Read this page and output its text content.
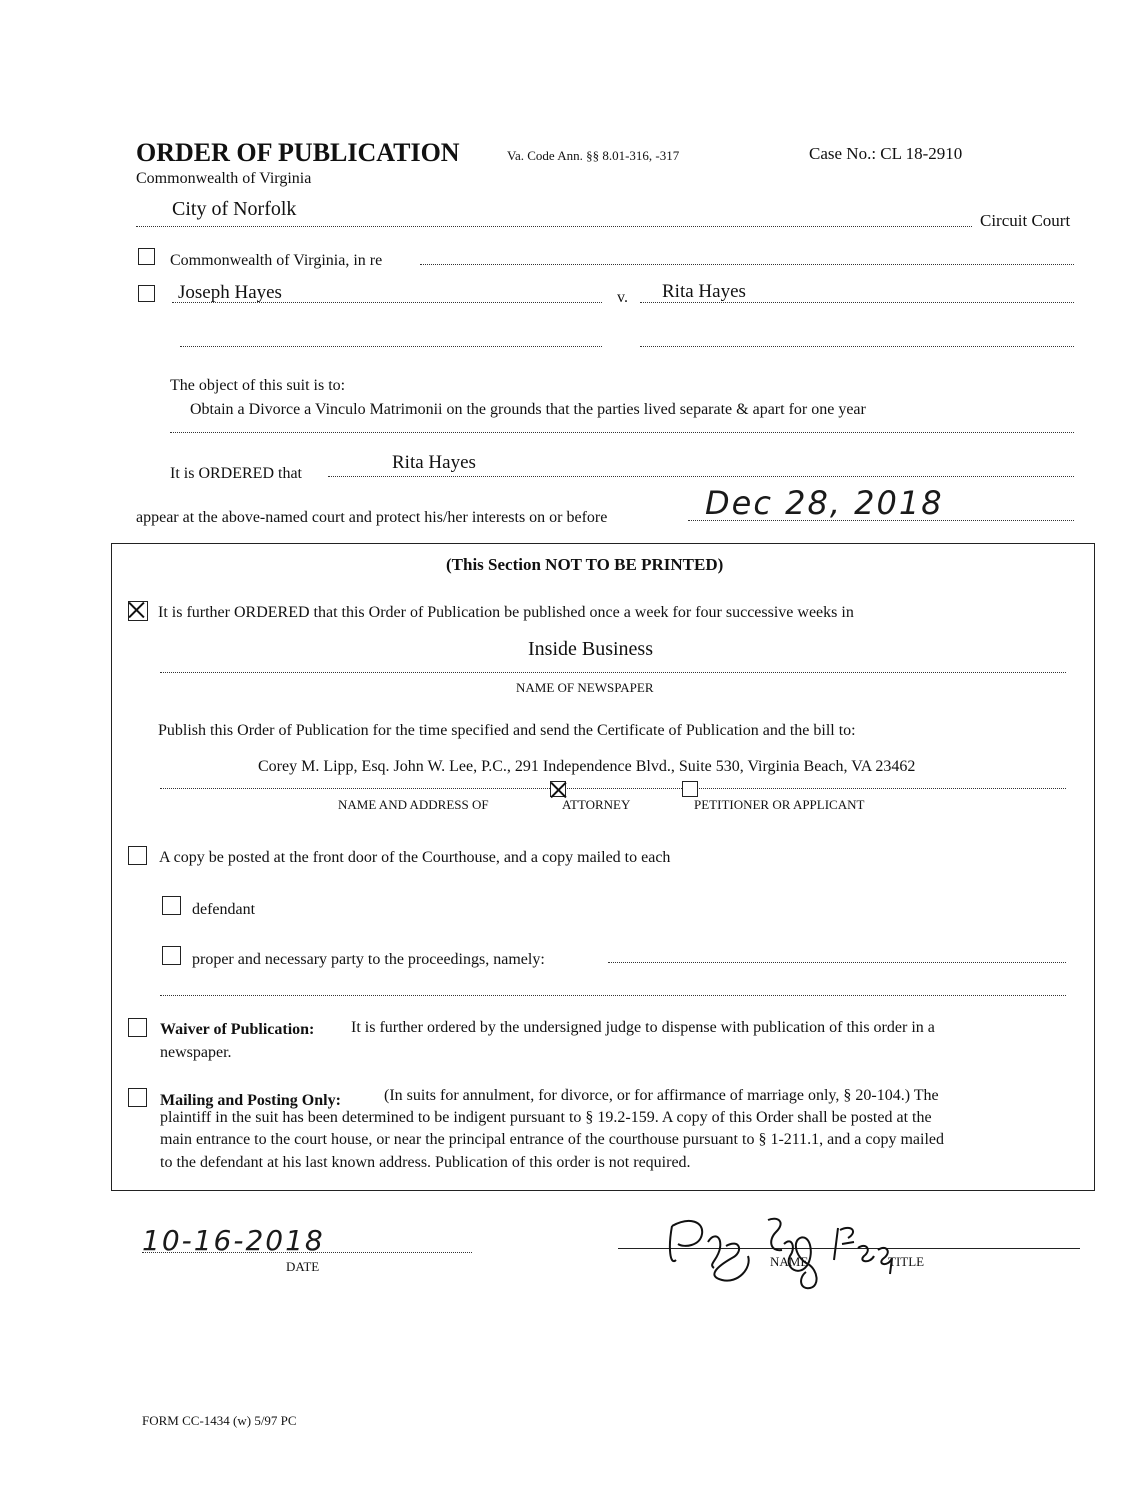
ORDER OF PUBLICATION	Va. Code Ann. §§ 8.01-316, -317	Case No.: CL 18-2910
Commonwealth of Virginia
City of Norfolk
Circuit Court
Commonwealth of Virginia, in re
Joseph Hayes	v. Rita Hayes
The object of this suit is to:
Obtain a Divorce a Vinculo Matrimonii on the grounds that the parties lived separate & apart for one year
It is ORDERED that
Rita Hayes
appear at the above-named court and protect his/her interests on or before	Dec 28, 2018
(This Section NOT TO BE PRINTED)
It is further ORDERED that this Order of Publication be published once a week for four successive weeks in
Inside Business
NAME OF NEWSPAPER
Publish this Order of Publication for the time specified and send the Certificate of Publication and the bill to:
Corey M. Lipp, Esq. John W. Lee, P.C., 291 Independence Blvd., Suite 530, Virginia Beach, VA 23462
NAME AND ADDRESS OF	ATTORNEY	PETITIONER OR APPLICANT
A copy be posted at the front door of the Courthouse, and a copy mailed to each
defendant
proper and necessary party to the proceedings, namely:
Waiver of Publication: It is further ordered by the undersigned judge to dispense with publication of this order in a
newspaper.
Mailing and Posting Only:	(In suits for annulment, for divorce, or for affirmance of marriage only, § 20-104.) The
plaintiff in the suit has been determined to be indigent pursuant to § 19.2-159. A copy of this Order shall be posted at the
main entrance to the court house, or near the principal entrance of the courthouse pursuant to § 1-211.1, and a copy mailed
to the defendant at his last known address. Publication of this order is not required.
10-16-2018
DATE	NAME	TITLE
FORM CC-1434 (w) 5/97 PC
